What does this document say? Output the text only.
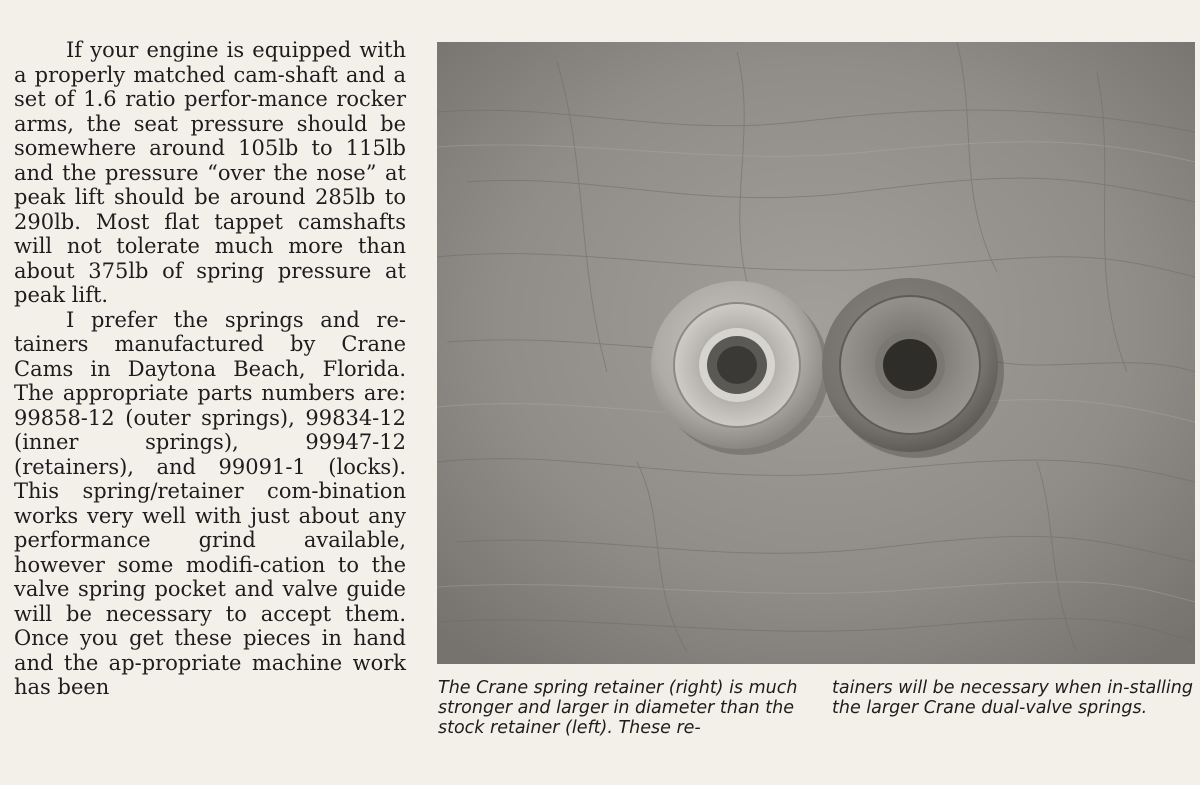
If your engine is equipped with a properly matched cam-shaft and a set of 1.6 ratio perfor-mance rocker arms, the seat pressure should be somewhere around 105lb to 115lb and the pressure “over the nose” at peak lift should be around 285lb to 290lb. Most flat tappet camshafts will not tolerate much more than about 375lb of spring pressure at peak lift.

I prefer the springs and re-tainers manufactured by Crane Cams in Daytona Beach, Florida. The appropriate parts numbers are: 99858-12 (outer springs), 99834-12 (inner springs), 99947-12 (retainers), and 99091-1 (locks). This spring/retainer com-bination works very well with just about any performance grind available, however some modifi-cation to the valve spring pocket and valve guide will be necessary to accept them. Once you get these pieces in hand and the ap-propriate machine work has been	The Crane spring retainer (right) is much stronger and larger in diameter than the stock retainer (left). These re-

tainers will be necessary when in-stalling the larger Crane dual-valve springs.
